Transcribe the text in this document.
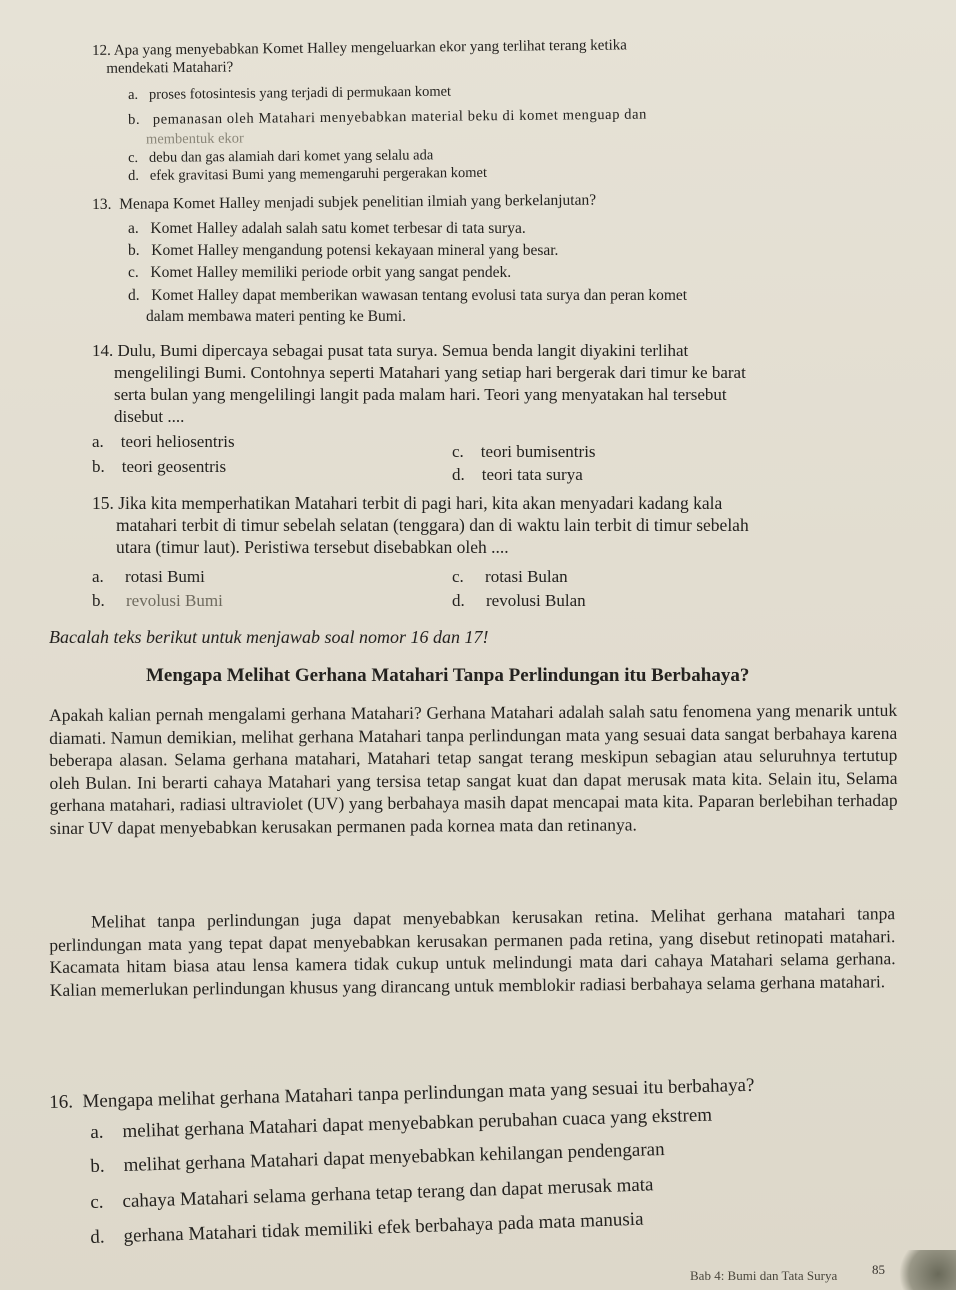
12. Apa yang menyebabkan Komet Halley mengeluarkan ekor yang terlihat terang ketika
mendekati Matahari?
a. proses fotosintesis yang terjadi di permukaan komet
b. pemanasan oleh Matahari menyebabkan material beku di komet menguap dan
membentuk ekor
c. debu dan gas alamiah dari komet yang selalu ada
d. efek gravitasi Bumi yang memengaruhi pergerakan komet
13. Menapa Komet Halley menjadi subjek penelitian ilmiah yang berkelanjutan?
a. Komet Halley adalah salah satu komet terbesar di tata surya.
b. Komet Halley mengandung potensi kekayaan mineral yang besar.
c. Komet Halley memiliki periode orbit yang sangat pendek.
d. Komet Halley dapat memberikan wawasan tentang evolusi tata surya dan peran komet
dalam membawa materi penting ke Bumi.
14. Dulu, Bumi dipercaya sebagai pusat tata surya. Semua benda langit diyakini terlihat
mengelilingi Bumi. Contohnya seperti Matahari yang setiap hari bergerak dari timur ke barat
serta bulan yang mengelilingi langit pada malam hari. Teori yang menyatakan hal tersebut
disebut ....
a. teori heliosentris
b. teori geosentris
c. teori bumisentris
d. teori tata surya
15. Jika kita memperhatikan Matahari terbit di pagi hari, kita akan menyadari kadang kala
matahari terbit di timur sebelah selatan (tenggara) dan di waktu lain terbit di timur sebelah
utara (timur laut). Peristiwa tersebut disebabkan oleh ....
a. rotasi Bumi
b. revolusi Bumi
c. rotasi Bulan
d. revolusi Bulan
Bacalah teks berikut untuk menjawab soal nomor 16 dan 17!
Mengapa Melihat Gerhana Matahari Tanpa Perlindungan itu Berbahaya?
Apakah kalian pernah mengalami gerhana Matahari? Gerhana Matahari adalah salah satu fenomena yang menarik untuk diamati. Namun demikian, melihat gerhana Matahari tanpa perlindungan mata yang sesuai data sangat berbahaya karena beberapa alasan. Selama gerhana matahari, Matahari tetap sangat terang meskipun sebagian atau seluruhnya tertutup oleh Bulan. Ini berarti cahaya Matahari yang tersisa tetap sangat kuat dan dapat merusak mata kita. Selain itu, Selama gerhana matahari, radiasi ultraviolet (UV) yang berbahaya masih dapat mencapai mata kita. Paparan berlebihan terhadap sinar UV dapat menyebabkan kerusakan permanen pada kornea mata dan retinanya.
Melihat tanpa perlindungan juga dapat menyebabkan kerusakan retina. Melihat gerhana matahari tanpa perlindungan mata yang tepat dapat menyebabkan kerusakan permanen pada retina, yang disebut retinopati matahari. Kacamata hitam biasa atau lensa kamera tidak cukup untuk melindungi mata dari cahaya Matahari selama gerhana. Kalian memerlukan perlindungan khusus yang dirancang untuk memblokir radiasi berbahaya selama gerhana matahari.
16. Mengapa melihat gerhana Matahari tanpa perlindungan mata yang sesuai itu berbahaya?
a. melihat gerhana Matahari dapat menyebabkan perubahan cuaca yang ekstrem
b. melihat gerhana Matahari dapat menyebabkan kehilangan pendengaran
c. cahaya Matahari selama gerhana tetap terang dan dapat merusak mata
d. gerhana Matahari tidak memiliki efek berbahaya pada mata manusia
Bab 4: Bumi dan Tata Surya	85
